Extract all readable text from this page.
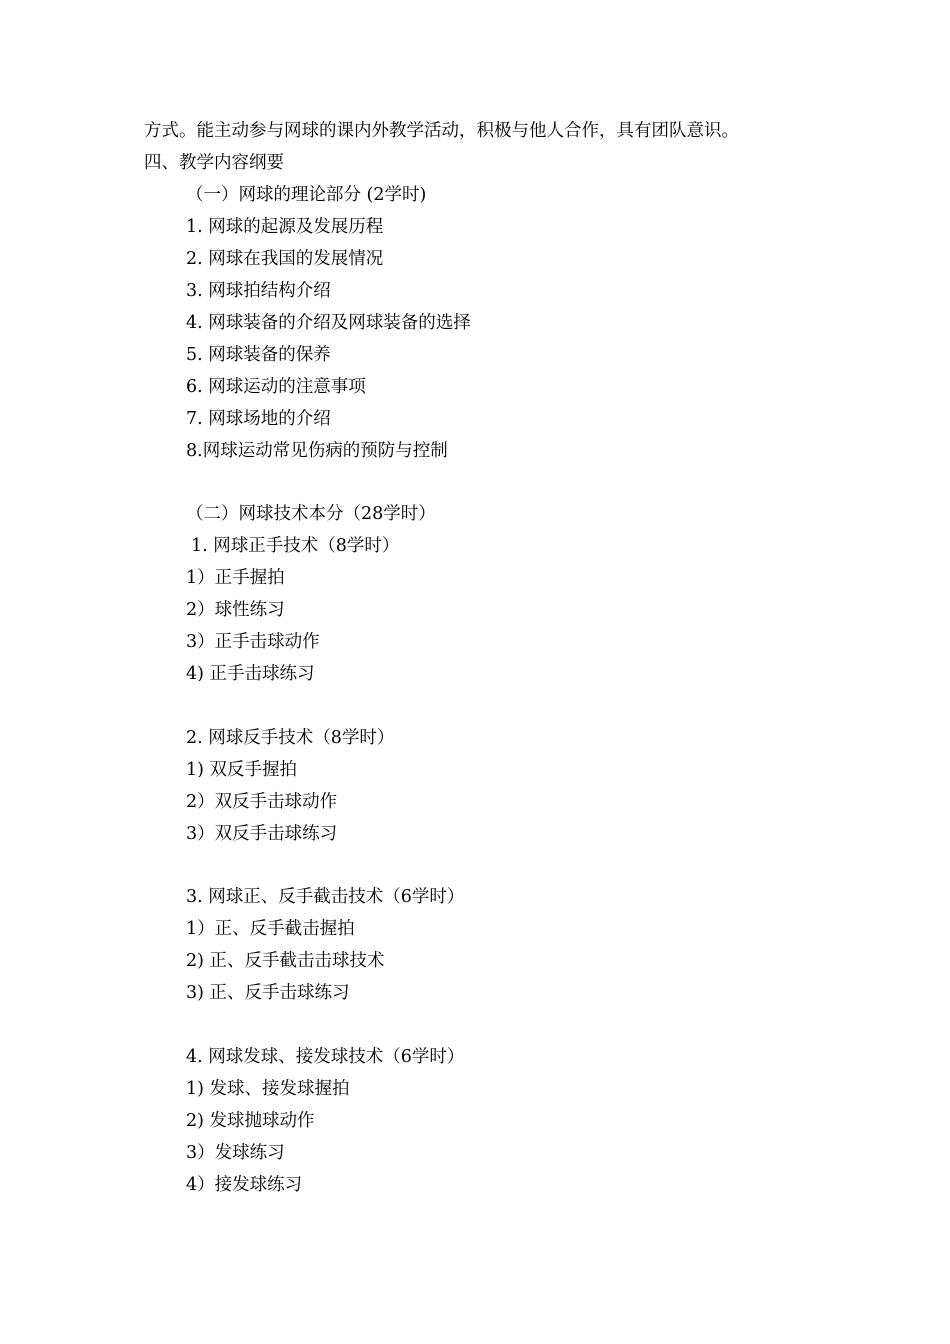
方式。能主动参与网球的课内外教学活动，积极与他人合作，具有团队意识。
四、教学内容纲要
（一）网球的理论部分 (2学时)
1. 网球的起源及发展历程
2. 网球在我国的发展情况
3. 网球拍结构介绍
4. 网球装备的介绍及网球装备的选择
5. 网球装备的保养
6. 网球运动的注意事项
7. 网球场地的介绍
8.网球运动常见伤病的预防与控制
（二）网球技术本分（28学时）
1. 网球正手技术（8学时）
1）正手握拍
2）球性练习
3）正手击球动作
4) 正手击球练习
2. 网球反手技术（8学时）
1) 双反手握拍
2）双反手击球动作
3）双反手击球练习
3. 网球正、反手截击技术（6学时）
1）正、反手截击握拍
2) 正、反手截击击球技术
3) 正、反手击球练习
4. 网球发球、接发球技术（6学时）
1) 发球、接发球握拍
2) 发球抛球动作
3）发球练习
4）接发球练习
